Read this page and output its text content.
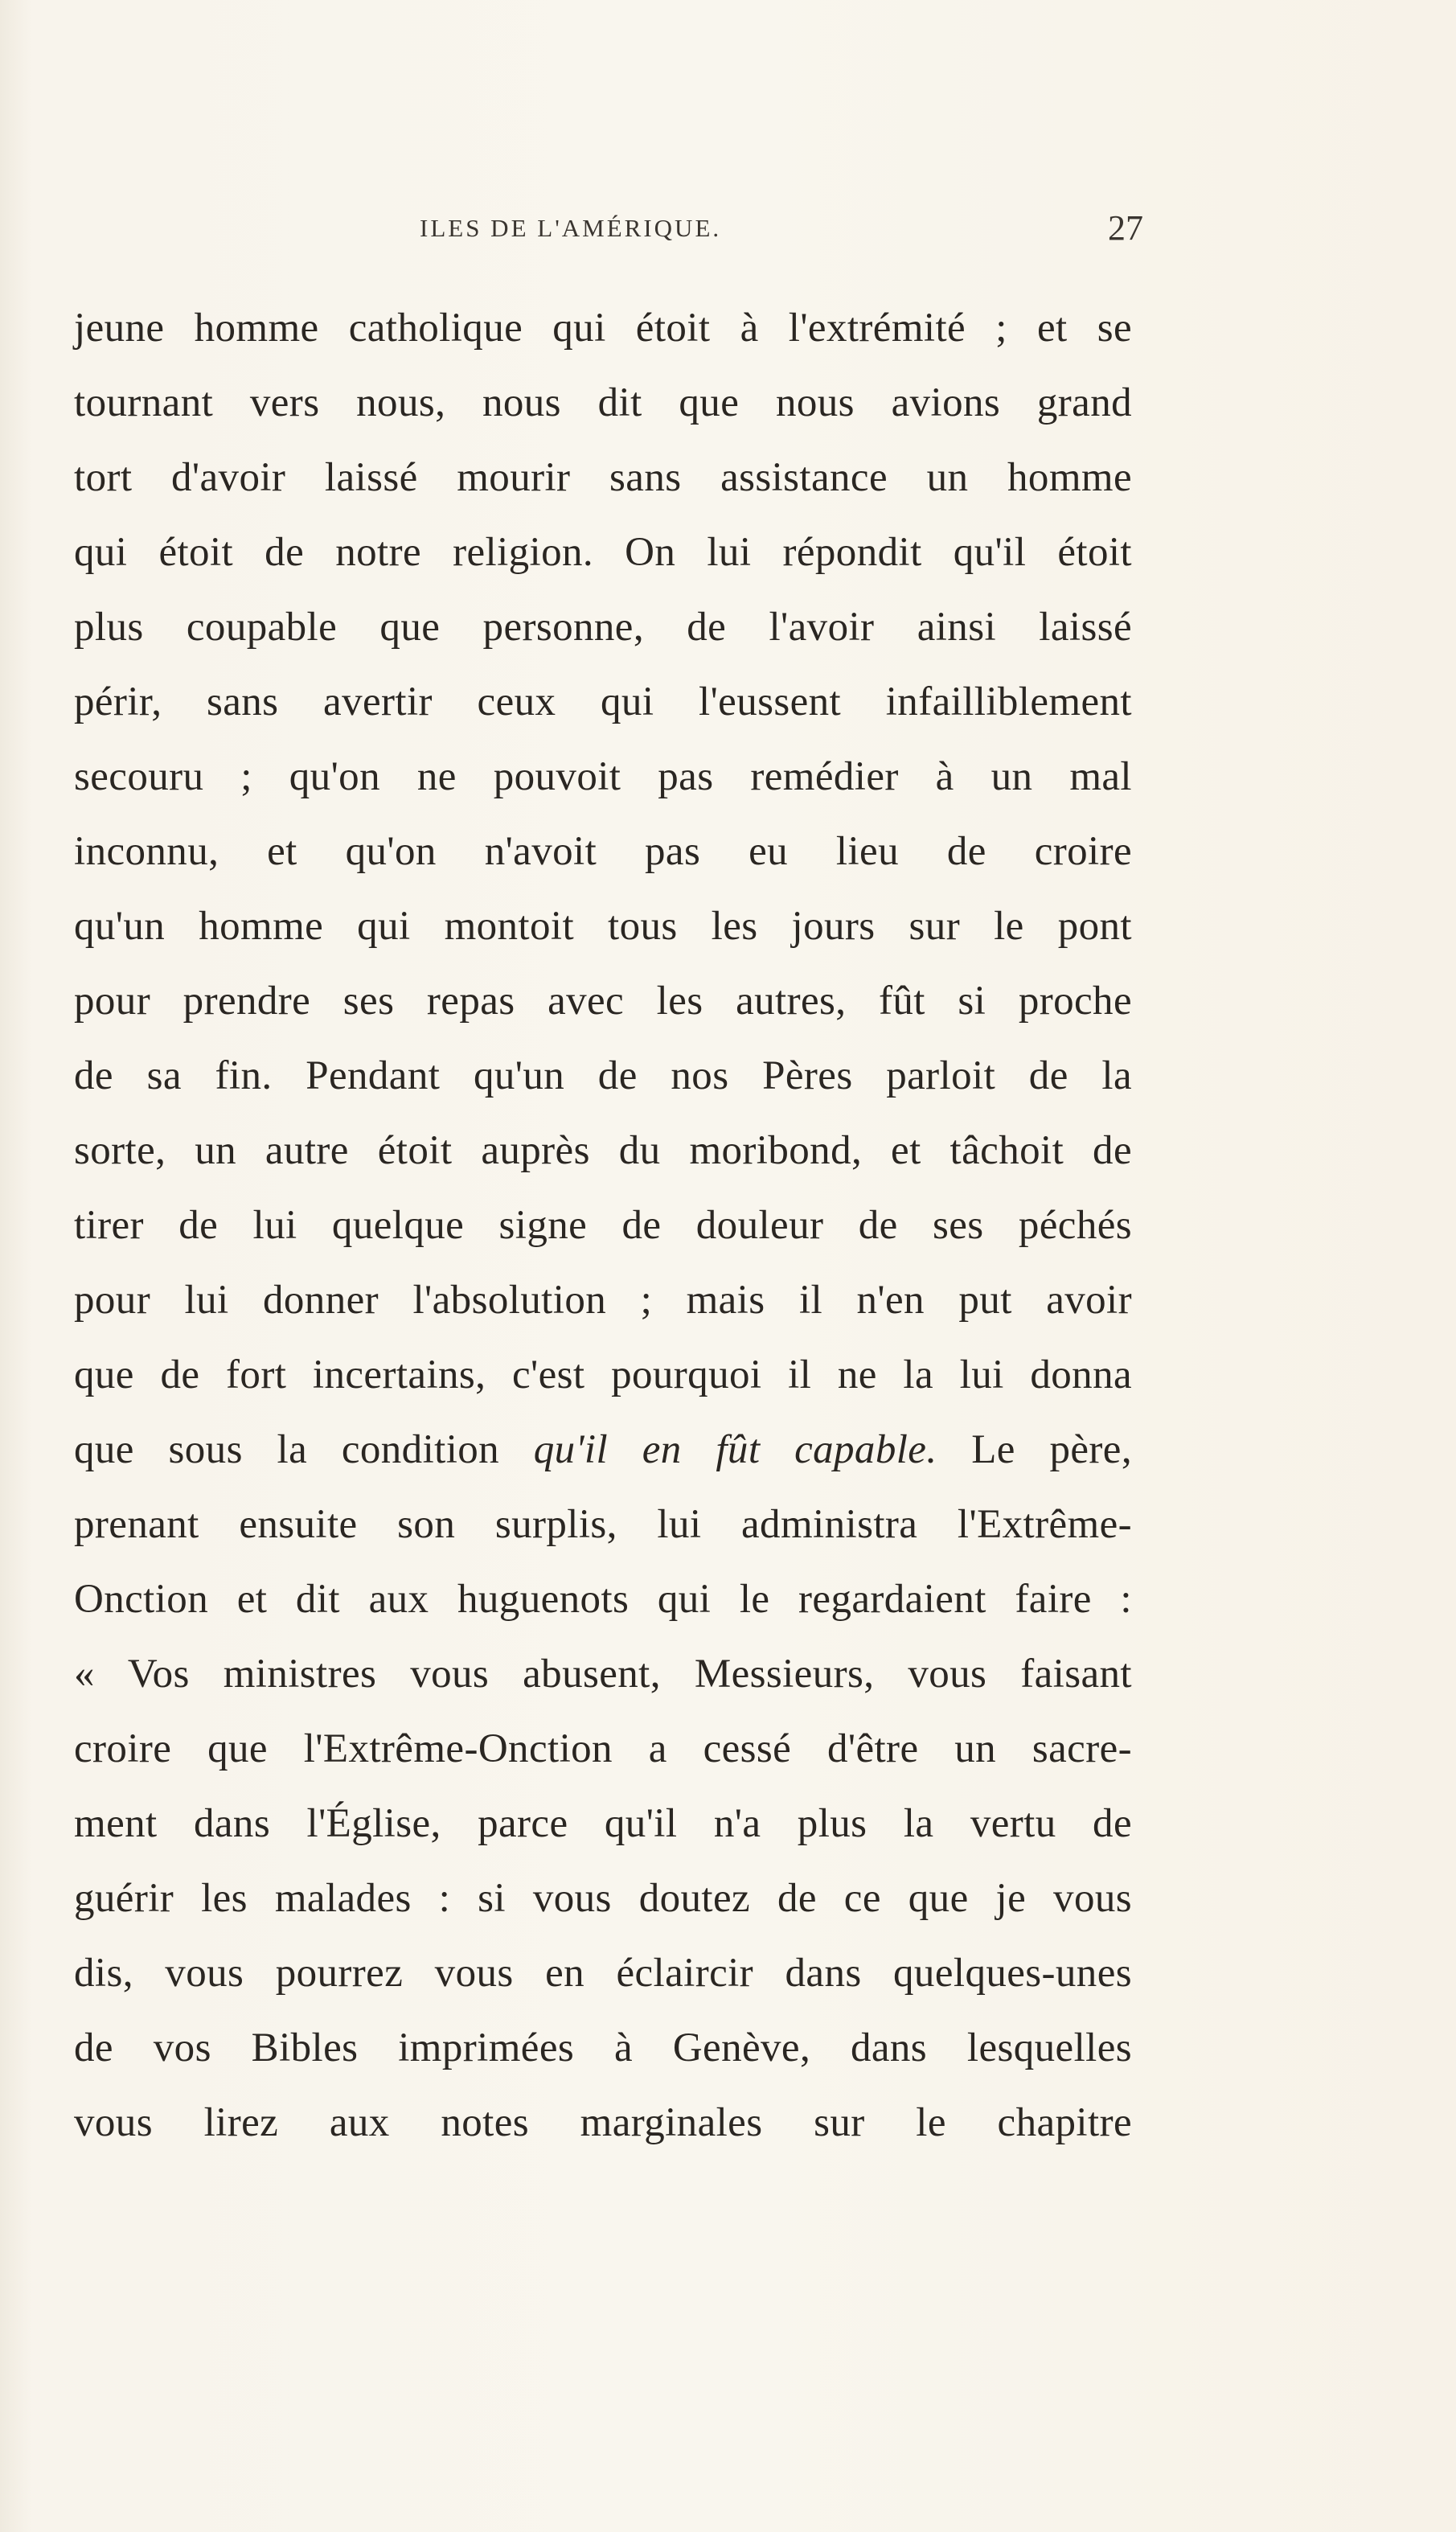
ILES DE L'AMÉRIQUE.	27
jeune homme catholique qui étoit à l'extrémité ; et se
tournant vers nous, nous dit que nous avions grand
tort d'avoir laissé mourir sans assistance un homme
qui étoit de notre religion. On lui répondit qu'il étoit
plus coupable que personne, de l'avoir ainsi laissé
périr, sans avertir ceux qui l'eussent infailliblement
secouru ; qu'on ne pouvoit pas remédier à un mal
inconnu, et qu'on n'avoit pas eu lieu de croire
qu'un homme qui montoit tous les jours sur le pont
pour prendre ses repas avec les autres, fût si proche
de sa fin. Pendant qu'un de nos Pères parloit de la
sorte, un autre étoit auprès du moribond, et tâchoit de
tirer de lui quelque signe de douleur de ses péchés
pour lui donner l'absolution ; mais il n'en put avoir
que de fort incertains, c'est pourquoi il ne la lui donna
que sous la condition qu'il en fût capable. Le père,
prenant ensuite son surplis, lui administra l'Extrême-
Onction et dit aux huguenots qui le regardaient faire :
« Vos ministres vous abusent, Messieurs, vous faisant
croire que l'Extrême-Onction a cessé d'être un sacre-
ment dans l'Église, parce qu'il n'a plus la vertu de
guérir les malades : si vous doutez de ce que je vous
dis, vous pourrez vous en éclaircir dans quelques-unes
de vos Bibles imprimées à Genève, dans lesquelles
vous lirez aux notes marginales sur le chapitre
